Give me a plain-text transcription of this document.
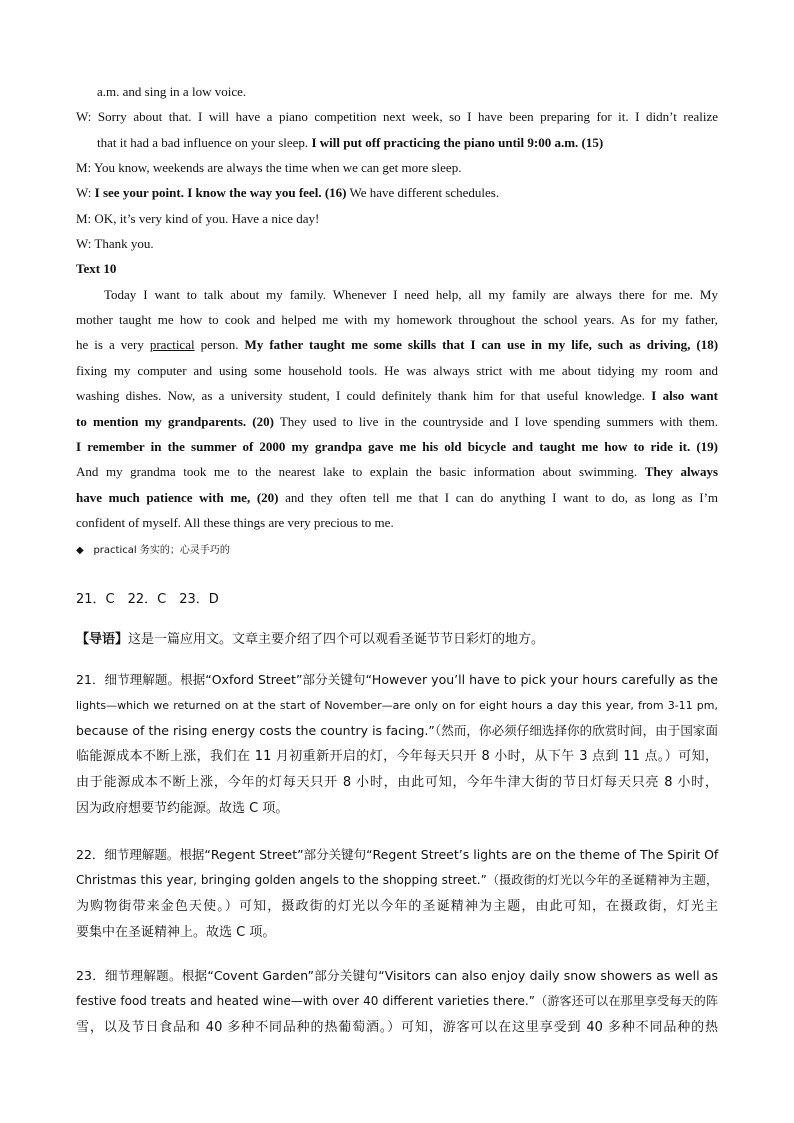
a.m. and sing in a low voice.
W: Sorry about that. I will have a piano competition next week, so I have been preparing for it. I didn’t realize
that it had a bad influence on your sleep. I will put off practicing the piano until 9:00 a.m. (15)
M: You know, weekends are always the time when we can get more sleep.
W: I see your point. I know the way you feel. (16) We have different schedules.
M: OK, it’s very kind of you. Have a nice day!
W: Thank you.
Text 10
Today I want to talk about my family. Whenever I need help, all my family are always there for me. My
mother taught me how to cook and helped me with my homework throughout the school years. As for my father,
he is a very practical person. My father taught me some skills that I can use in my life, such as driving, (18)
fixing my computer and using some household tools. He was always strict with me about tidying my room and
washing dishes. Now, as a university student, I could definitely thank him for that useful knowledge. I also want
to mention my grandparents. (20) They used to live in the countryside and I love spending summers with them.
I remember in the summer of 2000 my grandpa gave me his old bicycle and taught me how to ride it. (19)
And my grandma took me to the nearest lake to explain the basic information about swimming. They always
have much patience with me, (20) and they often tell me that I can do anything I want to do, as long as I’m
confident of myself. All these things are very precious to me.
◆ practical 务实的；心灵手巧的
21．C　22．C　23．D
【导语】这是一篇应用文。文章主要介绍了四个可以观看圣诞节节日彩灯的地方。
21．细节理解题。根据“Oxford Street”部分关键句“However you’ll have to pick your hours carefully as the
lights—which we returned on at the start of November—are only on for eight hours a day this year, from 3-11 pm,
because of the rising energy costs the country is facing.”（然而，你必须仔细选择你的欣赏时间，由于国家面
临能源成本不断上涨，我们在 11 月初重新开启的灯，今年每天只开 8 小时，从下午 3 点到 11 点。）可知，
由于能源成本不断上涨，今年的灯每天只开 8 小时，由此可知，今年牛津大街的节日灯每天只亮 8 小时，
因为政府想要节约能源。故选 C 项。
22．细节理解题。根据“Regent Street”部分关键句“Regent Street’s lights are on the theme of The Spirit Of
Christmas this year, bringing golden angels to the shopping street.”（摄政街的灯光以今年的圣诞精神为主题，
为购物街带来金色天使。）可知，摄政街的灯光以今年的圣诞精神为主题，由此可知，在摄政街，灯光主
要集中在圣诞精神上。故选 C 项。
23．细节理解题。根据“Covent Garden”部分关键句“Visitors can also enjoy daily snow showers as well as
festive food treats and heated wine—with over 40 different varieties there.”（游客还可以在那里享受每天的阵
雪，以及节日食品和 40 多种不同品种的热葡萄酒。）可知，游客可以在这里享受到 40 多种不同品种的热
